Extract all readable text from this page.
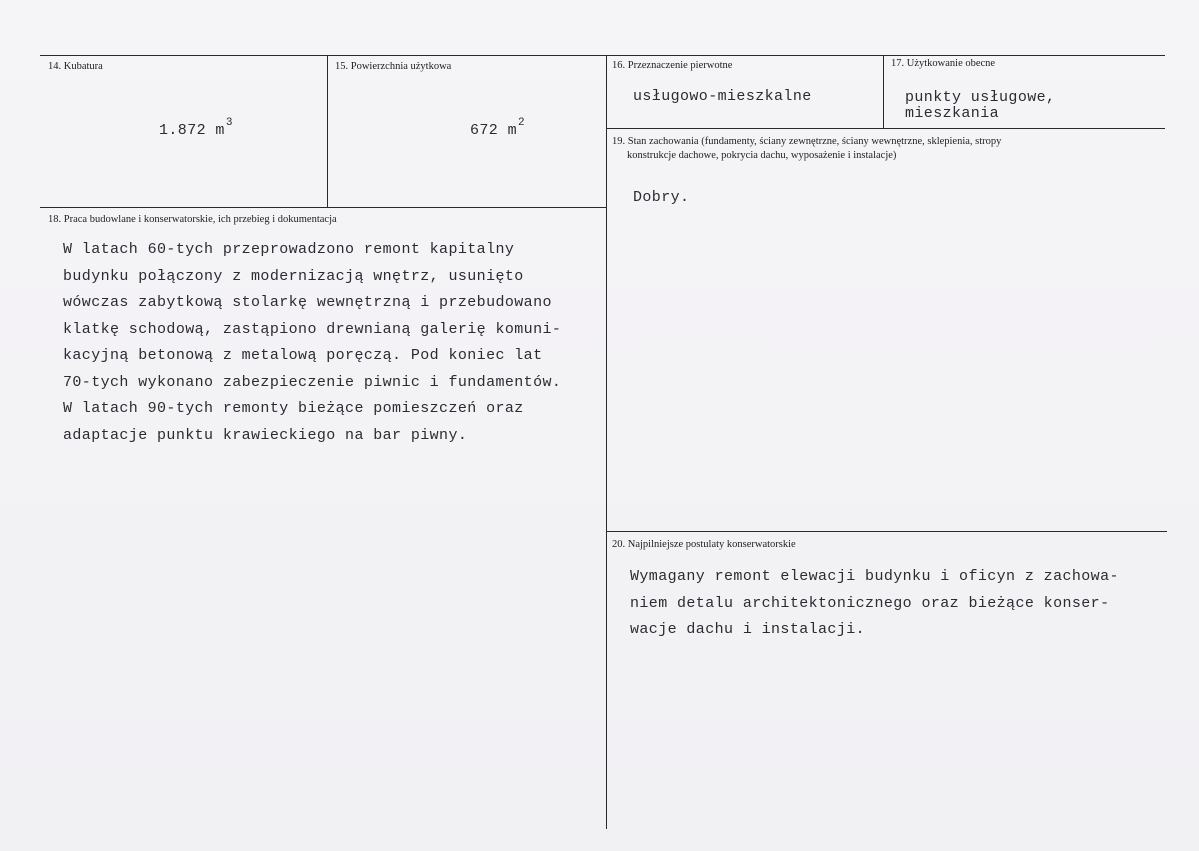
14. Kubatura
1.872 $m^3$
15. Powierzchnia użytkowa
672 $m^2$
16. Przeznaczenie pierwotne
usługowo-mieszkalne
17. Użytkowanie obecne
punkty usługowe,
mieszkania
19. Stan zachowania (fundamenty, ściany zewnętrzne, ściany wewnętrzne, sklepienia, stropy
konstrukcje dachowe, pokrycia dachu, wyposażenie i instalacje)
Dobry.
18. Praca budowlane i konserwatorskie, ich przebieg i dokumentacja
W latach 60-tych przeprowadzono remont kapitalny
budynku połączony z modernizacją wnętrz, usunięto
wówczas zabytkową stolarkę wewnętrzną i przebudowano
klatkę schodową, zastąpiono drewnianą galerię komuni-
kacyjną betonową z metalową poręczą. Pod koniec lat
70-tych wykonano zabezpieczenie piwnic i fundamentów.
W latach 90-tych remonty bieżące pomieszczeń oraz
adaptacje punktu krawieckiego na bar piwny.
20. Najpilniejsze postulaty konserwatorskie
Wymagany remont elewacji budynku i oficyn z zachowa-
niem detalu architektonicznego oraz bieżące konser-
wacje dachu i instalacji.
